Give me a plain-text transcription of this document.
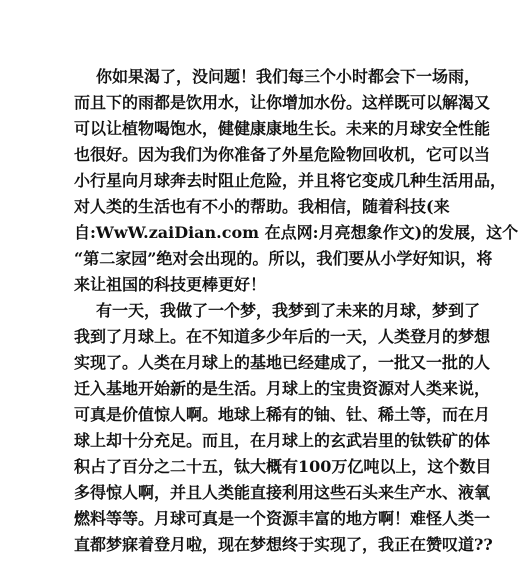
你如果渴了，没问题！我们每三个小时都会下一场雨，
而且下的雨都是饮用水，让你增加水份。这样既可以解渴又
可以让植物喝饱水，健健康康地生长。未来的月球安全性能
也很好。因为我们为你准备了外星危险物回收机，它可以当
小行星向月球奔去时阻止危险，并且将它变成几种生活用品，
对人类的生活也有不小的帮助。我相信，随着科技(来
自:WwW.zaiDian.com 在点网:月亮想象作文)的发展，这个
“第二家园”绝对会出现的。所以，我们要从小学好知识，将
来让祖国的科技更棒更好！
有一天，我做了一个梦，我梦到了未来的月球，梦到了
我到了月球上。在不知道多少年后的一天，人类登月的梦想
实现了。人类在月球上的基地已经建成了，一批又一批的人
迁入基地开始新的是生活。月球上的宝贵资源对人类来说，
可真是价值惊人啊。地球上稀有的铀、钍、稀土等，而在月
球上却十分充足。而且，在月球上的玄武岩里的钛铁矿的体
积占了百分之二十五，钛大概有100万亿吨以上，这个数目
多得惊人啊，并且人类能直接利用这些石头来生产水、液氧
燃料等等。月球可真是一个资源丰富的地方啊！难怪人类一
直都梦寐着登月啦，现在梦想终于实现了，我正在赞叹道??
